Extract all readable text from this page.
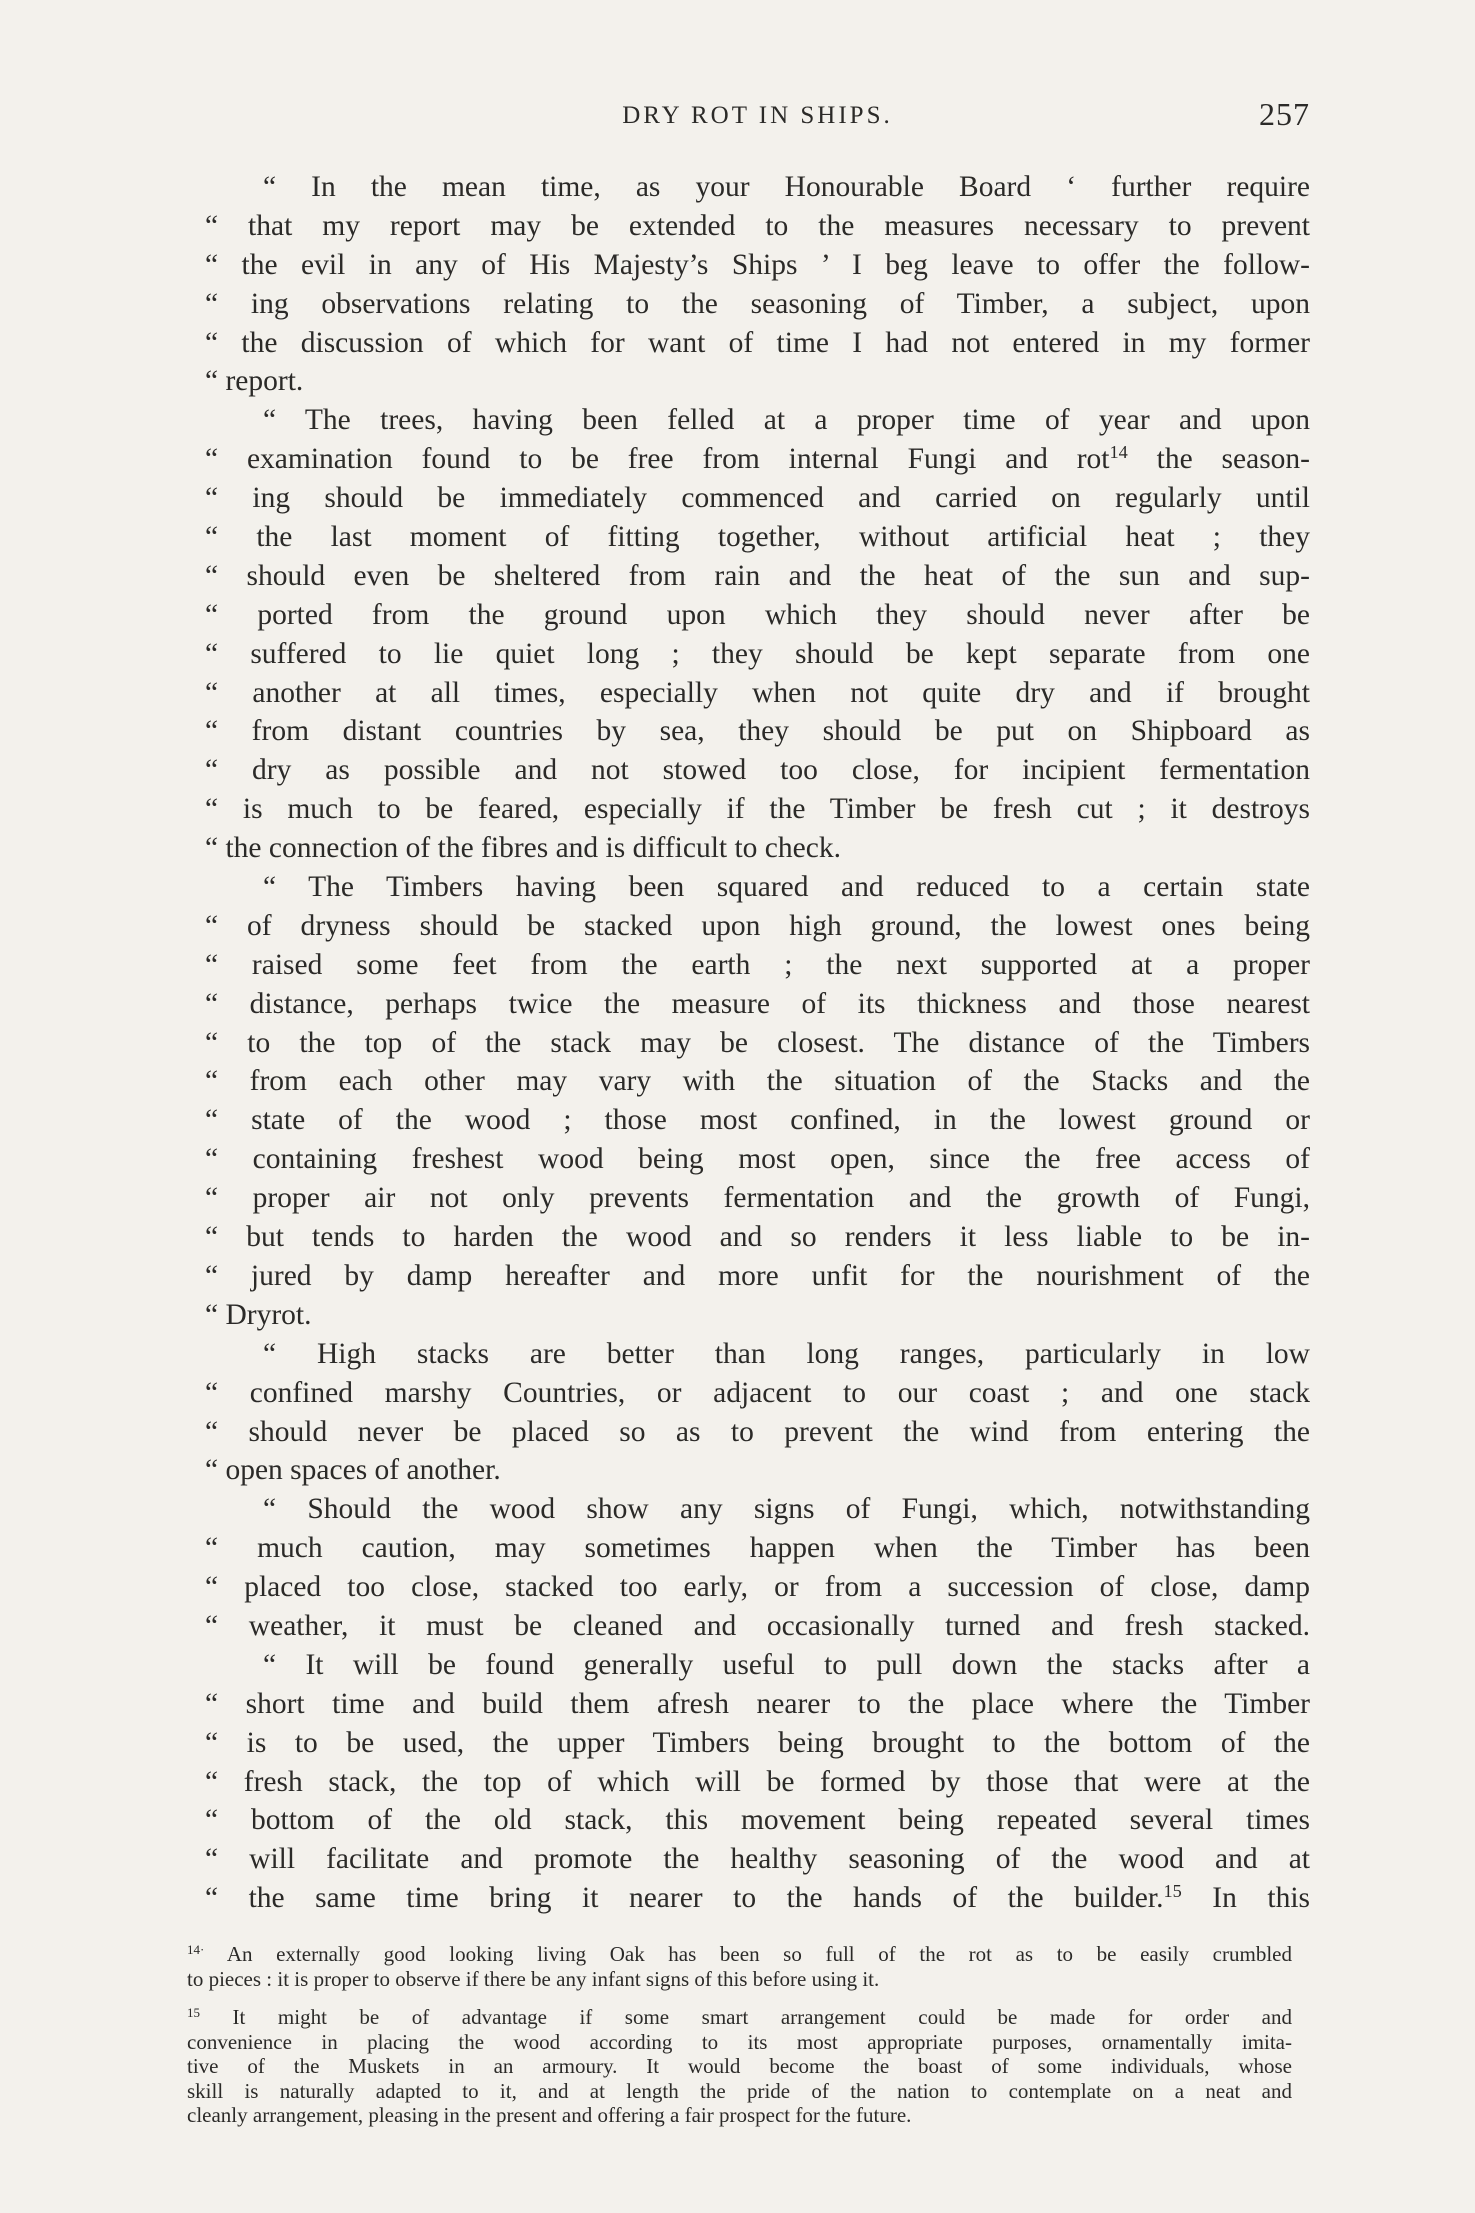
DRY ROT IN SHIPS.	257
“ In the mean time, as your Honourable Board ‘ further require
“ that my report may be extended to the measures necessary to prevent
“ the evil in any of His Majesty’s Ships ’ I beg leave to offer the follow-
“ ing observations relating to the seasoning of Timber, a subject, upon
“ the discussion of which for want of time I had not entered in my former
“ report.
“ The trees, having been felled at a proper time of year and upon
“ examination found to be free from internal Fungi and rot$^{14}$ the season-
“ ing should be immediately commenced and carried on regularly until
“ the last moment of fitting together, without artificial heat ; they
“ should even be sheltered from rain and the heat of the sun and sup-
“ ported from the ground upon which they should never after be
“ suffered to lie quiet long ; they should be kept separate from one
“ another at all times, especially when not quite dry and if brought
“ from distant countries by sea, they should be put on Shipboard as
“ dry as possible and not stowed too close, for incipient fermentation
“ is much to be feared, especially if the Timber be fresh cut ; it destroys
“ the connection of the fibres and is difficult to check.
“ The Timbers having been squared and reduced to a certain state
“ of dryness should be stacked upon high ground, the lowest ones being
“ raised some feet from the earth ; the next supported at a proper
“ distance, perhaps twice the measure of its thickness and those nearest
“ to the top of the stack may be closest. The distance of the Timbers
“ from each other may vary with the situation of the Stacks and the
“ state of the wood ; those most confined, in the lowest ground or
“ containing freshest wood being most open, since the free access of
“ proper air not only prevents fermentation and the growth of Fungi,
“ but tends to harden the wood and so renders it less liable to be in-
“ jured by damp hereafter and more unfit for the nourishment of the
“ Dryrot.
“ High stacks are better than long ranges, particularly in low
“ confined marshy Countries, or adjacent to our coast ; and one stack
“ should never be placed so as to prevent the wind from entering the
“ open spaces of another.
“ Should the wood show any signs of Fungi, which, notwithstanding
“ much caution, may sometimes happen when the Timber has been
“ placed too close, stacked too early, or from a succession of close, damp
“ weather, it must be cleaned and occasionally turned and fresh stacked.
“ It will be found generally useful to pull down the stacks after a
“ short time and build them afresh nearer to the place where the Timber
“ is to be used, the upper Timbers being brought to the bottom of the
“ fresh stack, the top of which will be formed by those that were at the
“ bottom of the old stack, this movement being repeated several times
“ will facilitate and promote the healthy seasoning of the wood and at
“ the same time bring it nearer to the hands of the builder.$^{15}$ In this
$^{14\cdot}$ An externally good looking living Oak has been so full of the rot as to be easily crumbled
to pieces : it is proper to observe if there be any infant signs of this before using it.
$^{15}$ It might be of advantage if some smart arrangement could be made for order and
convenience in placing the wood according to its most appropriate purposes, ornamentally imita-
tive of the Muskets in an armoury. It would become the boast of some individuals, whose
skill is naturally adapted to it, and at length the pride of the nation to contemplate on a neat and
cleanly arrangement, pleasing in the present and offering a fair prospect for the future.
